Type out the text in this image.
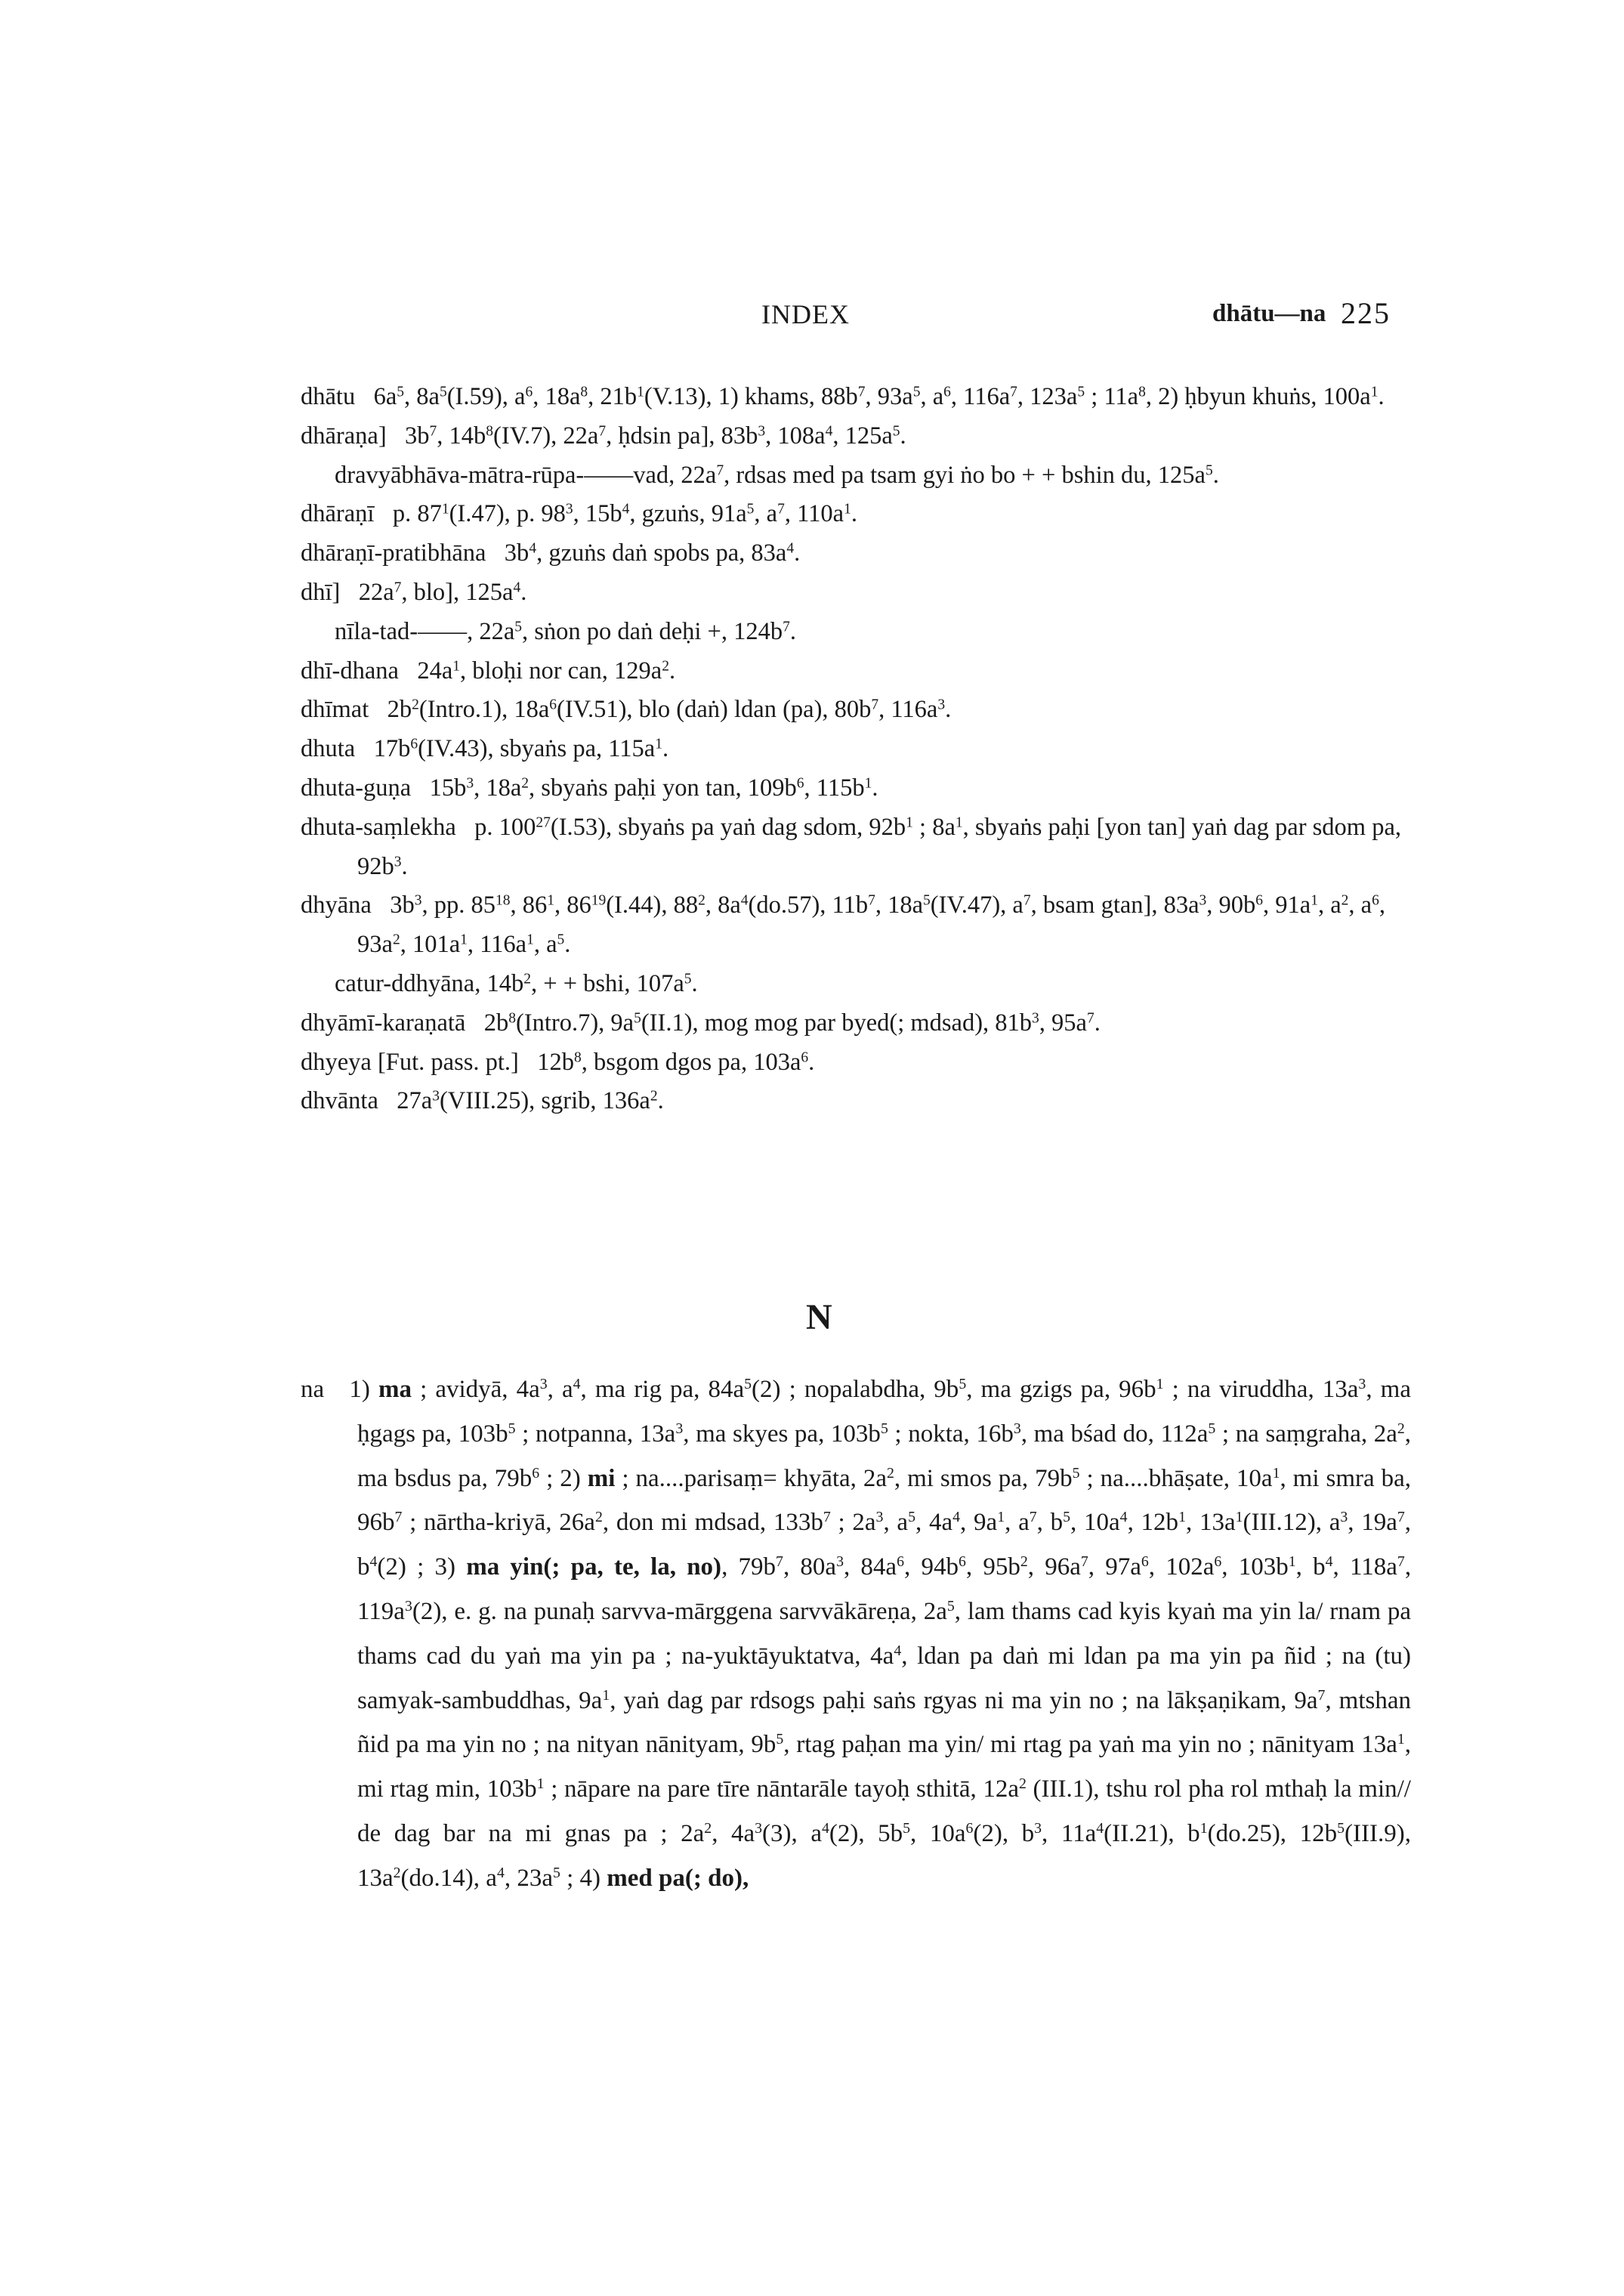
INDEX	dhātu—na 225
dhātu   $6a^5$, $8a^5(I.59)$, $a^6$, $18a^8$, $21b^1(V.13)$, 1) khams, $88b^7$, $93a^5$, $a^6$, $116a^7$, $123a^5$ ; $11a^8$, 2) ḥbyun khuṅs, $100a^1$.
dhāraṇa]   $3b^7$, $14b^8(IV.7)$, $22a^7$, ḥdsin pa], $83b^3$, $108a^4$, $125a^5$.
dravyābhāva-mātra-rūpa-——vad, $22a^7$, rdsas med pa tsam gyi ṅo bo + + bshin du, $125a^5$.
dhāraṇī   p. $87^1(I.47)$, p. $98^3$, $15b^4$, gzuṅs, $91a^5$, $a^7$, $110a^1$.
dhāraṇī-pratibhāna   $3b^4$, gzuṅs daṅ spobs pa, $83a^4$.
dhī]   $22a^7$, blo], $125a^4$.
nīla-tad-——, $22a^5$, sṅon po daṅ deḥi +, $124b^7$.
dhī-dhana   $24a^1$, bloḥi nor can, $129a^2$.
dhīmat   $2b^2(Intro.1)$, $18a^6(IV.51)$, blo (daṅ) ldan (pa), $80b^7$, $116a^3$.
dhuta   $17b^6(IV.43)$, sbyaṅs pa, $115a^1$.
dhuta-guṇa   $15b^3$, $18a^2$, sbyaṅs paḥi yon tan, $109b^6$, $115b^1$.
dhuta-saṃlekha   p. $100^{27}(I.53)$, sbyaṅs pa yaṅ dag sdom, $92b^1$ ; $8a^1$, sbyaṅs paḥi [yon tan] yaṅ dag par sdom pa, $92b^3$.
dhyāna   $3b^3$, pp. $85^{18}$, $86^1$, $86^{19}(I.44)$, $88^2$, $8a^4(do.57)$, $11b^7$, $18a^5(IV.47)$, $a^7$, bsam gtan], $83a^3$, $90b^6$, $91a^1$, $a^2$, $a^6$, $93a^2$, $101a^1$, $116a^1$, $a^5$.
catur-ddhyāna, $14b^2$, + + bshi, $107a^5$.
dhyāmī-karaṇatā   $2b^8(Intro.7)$, $9a^5(II.1)$, mog mog par byed(; mdsad), $81b^3$, $95a^7$.
dhyeya [Fut. pass. pt.]   $12b^8$, bsgom dgos pa, $103a^6$.
dhvānta   $27a^3(VIII.25)$, sgrib, $136a^2$.
N

na   1) ma ; avidyā, $4a^3$, $a^4$, ma rig pa, $84a^5(2)$ ; nopalabdha, $9b^5$, ma gzigs pa, $96b^1$ ; na viruddha, $13a^3$, ma ḥgags pa, $103b^5$ ; notpanna, $13a^3$, ma skyes pa, $103b^5$ ; nokta, $16b^3$, ma bśad do, $112a^5$ ; na saṃgraha, $2a^2$, ma bsdus pa, $79b^6$ ; 2) mi ; na....parisaṃ= khyāta, $2a^2$, mi smos pa, $79b^5$ ; na....bhāṣate, $10a^1$, mi smra ba, $96b^7$ ; nārtha-kriyā, $26a^2$, don mi mdsad, $133b^7$ ; $2a^3$, $a^5$, $4a^4$, $9a^1$, $a^7$, $b^5$, $10a^4$, $12b^1$, $13a^1(III.12)$, $a^3$, $19a^7$, $b^4(2)$ ; 3) ma yin(; pa, te, la, no), $79b^7$, $80a^3$, $84a^6$, $94b^6$, $95b^2$, $96a^7$, $97a^6$, $102a^6$, $103b^1$, $b^4$, $118a^7$, $119a^3(2)$, e. g. na punaḥ sarvva-mārggena sarvvākāreṇa, $2a^5$, lam thams cad kyis kyaṅ ma yin la/ rnam pa thams cad du yaṅ ma yin pa ; na-yuktāyuktatva, $4a^4$, ldan pa daṅ mi ldan pa ma yin pa ñid ; na (tu) samyak-sambuddhas, $9a^1$, yaṅ dag par rdsogs paḥi saṅs rgyas ni ma yin no ; na lākṣaṇikam, $9a^7$, mtshan ñid pa ma yin no ; na nityan nānityam, $9b^5$, rtag paḥan ma yin/ mi rtag pa yaṅ ma yin no ; nānityam $13a^1$, mi rtag min, $103b^1$ ; nāpare na pare tīre nāntarāle tayoḥ sthitā, $12a^2$ (III.1), tshu rol pha rol mthaḥ la min// de dag bar na mi gnas pa ; $2a^2$, $4a^3(3)$, $a^4(2)$, $5b^5$, $10a^6(2)$, $b^3$, $11a^4(II.21)$, $b^1(do.25)$, $12b^5(III.9)$, $13a^2(do.14)$, $a^4$, $23a^5$ ; 4) med pa(; do),
